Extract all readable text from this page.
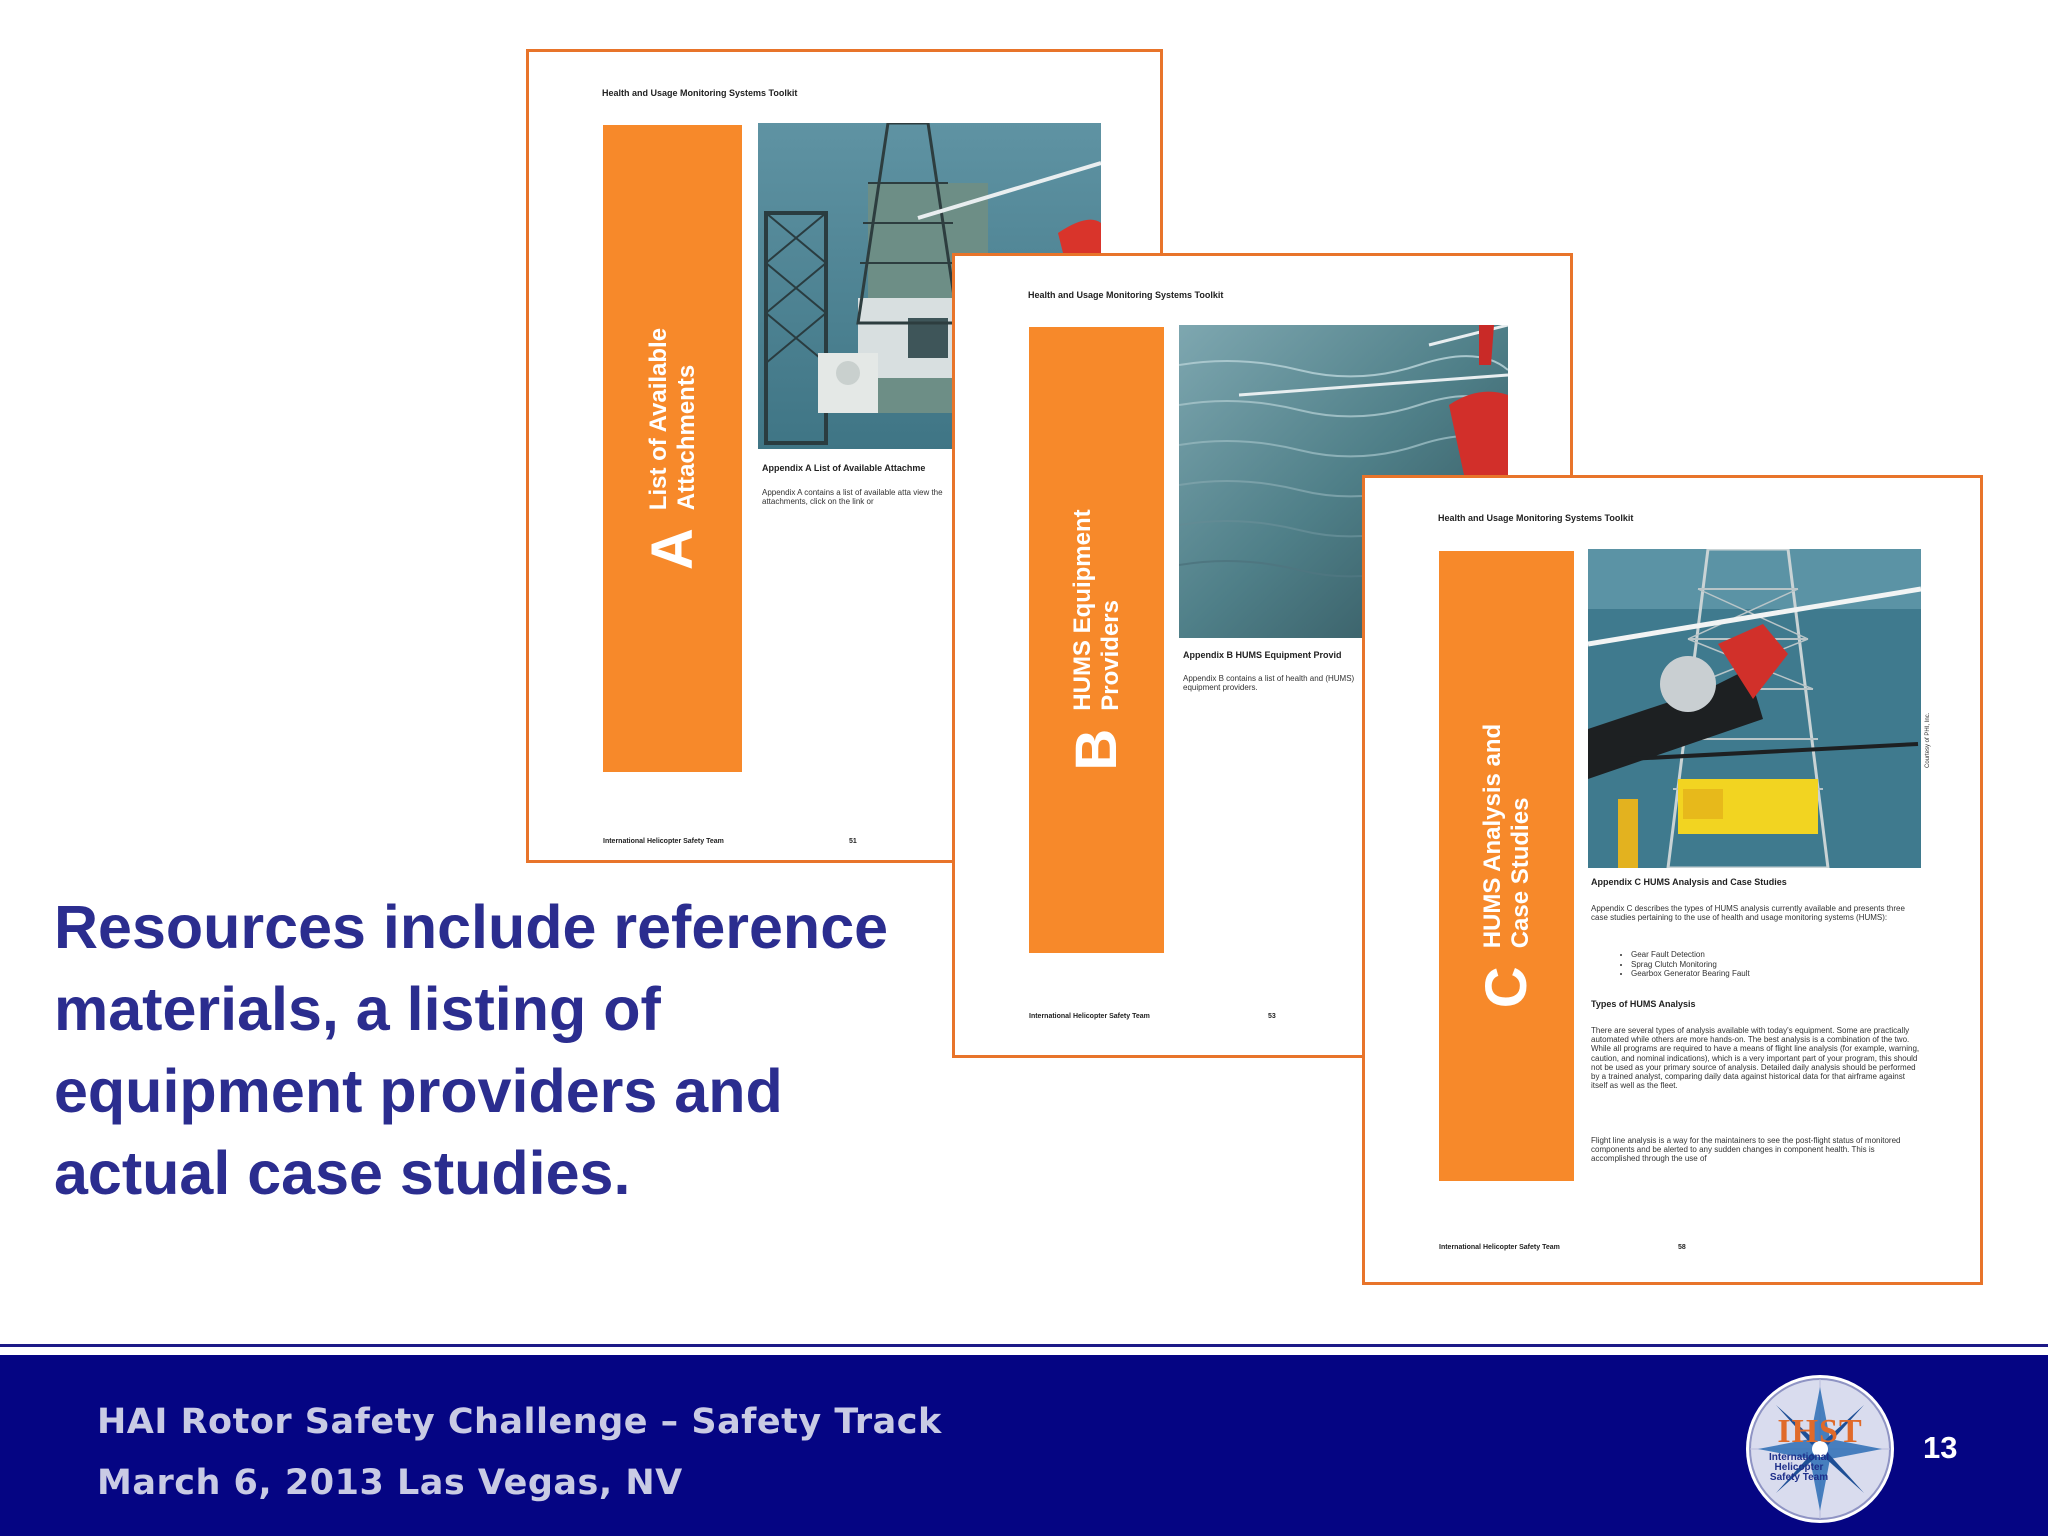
Health and Usage Monitoring Systems Toolkit
A
List of Available Attachments	Appendix A List of Available Attachme
Appendix A contains a list of available atta view the attachments, click on the link or
International Helicopter Safety Team	51
Health and Usage Monitoring Systems Toolkit
B
HUMS Equipment Providers	Appendix B HUMS Equipment Provid
Appendix B contains a list of health and (HUMS) equipment providers.
International Helicopter Safety Team	53
Health and Usage Monitoring Systems Toolkit
C
HUMS Analysis and Case Studies
Courtesy of PHI, Inc.
Appendix C HUMS Analysis and Case Studies
Appendix C describes the types of HUMS analysis currently available and presents three case studies pertaining to the use of health and usage monitoring systems (HUMS):
• Gear Fault Detection
• Sprag Clutch Monitoring
• Gearbox Generator Bearing Fault
Types of HUMS Analysis
There are several types of analysis available with today's equipment. Some are practically automated while others are more hands-on. The best analysis is a combination of the two. While all programs are required to have a means of flight line analysis (for example, warning, caution, and nominal indications), which is a very important part of your program, this should not be used as your primary source of analysis. Detailed daily analysis should be performed by a trained analyst, comparing daily data against historical data for that airframe against itself as well as the fleet.
Flight line analysis is a way for the maintainers to see the post-flight status of monitored components and be alerted to any sudden changes in component health. This is accomplished through the use of
International Helicopter Safety Team	58

Resources include reference materials, a listing of equipment providers and actual case studies.

HAI Rotor Safety Challenge – Safety Track
March 6, 2013 Las Vegas, NV
IHST
International Helicopter Safety Team
13
